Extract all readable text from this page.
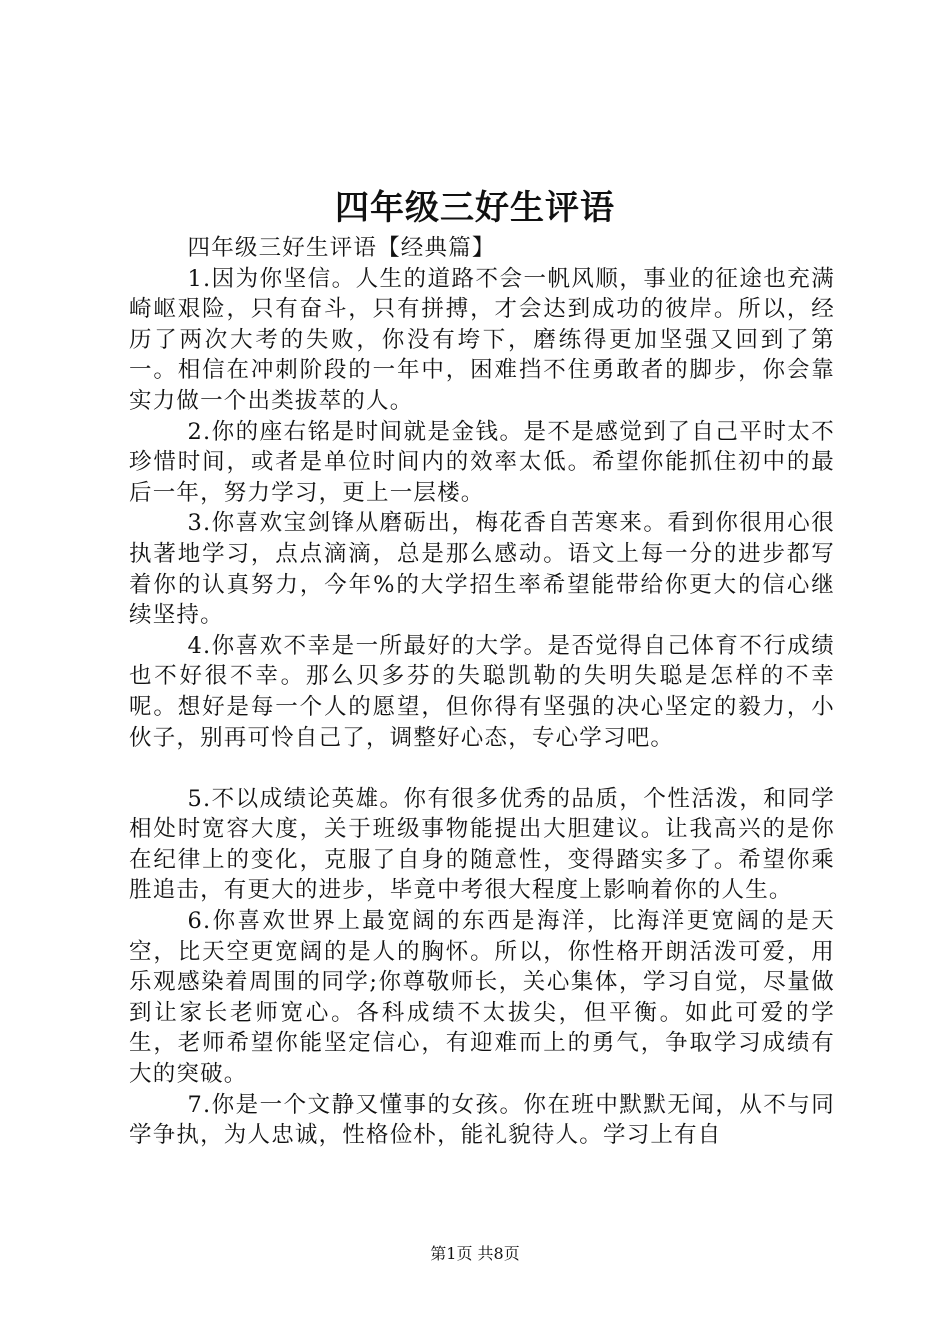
四年级三好生评语

四年级三好生评语【经典篇】

1.因为你坚信。人生的道路不会一帆风顺，事业的征途也充满崎岖艰险，只有奋斗，只有拼搏，才会达到成功的彼岸。所以，经历了两次大考的失败，你没有垮下，磨练得更加坚强又回到了第一。相信在冲刺阶段的一年中，困难挡不住勇敢者的脚步，你会靠实力做一个出类拔萃的人。

2.你的座右铭是时间就是金钱。是不是感觉到了自己平时太不珍惜时间，或者是单位时间内的效率太低。希望你能抓住初中的最后一年，努力学习，更上一层楼。

3.你喜欢宝剑锋从磨砺出，梅花香自苦寒来。看到你很用心很执著地学习，点点滴滴，总是那么感动。语文上每一分的进步都写着你的认真努力，今年%的大学招生率希望能带给你更大的信心继续坚持。

4.你喜欢不幸是一所最好的大学。是否觉得自己体育不行成绩也不好很不幸。那么贝多芬的失聪凯勒的失明失聪是怎样的不幸呢。想好是每一个人的愿望，但你得有坚强的决心坚定的毅力，小伙子，别再可怜自己了，调整好心态，专心学习吧。

5.不以成绩论英雄。你有很多优秀的品质，个性活泼，和同学相处时宽容大度，关于班级事物能提出大胆建议。让我高兴的是你在纪律上的变化，克服了自身的随意性，变得踏实多了。希望你乘胜追击，有更大的进步，毕竟中考很大程度上影响着你的人生。

6.你喜欢世界上最宽阔的东西是海洋，比海洋更宽阔的是天空，比天空更宽阔的是人的胸怀。所以，你性格开朗活泼可爱，用乐观感染着周围的同学;你尊敬师长，关心集体，学习自觉，尽量做到让家长老师宽心。各科成绩不太拔尖，但平衡。如此可爱的学生，老师希望你能坚定信心，有迎难而上的勇气，争取学习成绩有大的突破。

7.你是一个文静又懂事的女孩。你在班中默默无闻，从不与同学争执，为人忠诚，性格俭朴，能礼貌待人。学习上有自

第1页 共8页
